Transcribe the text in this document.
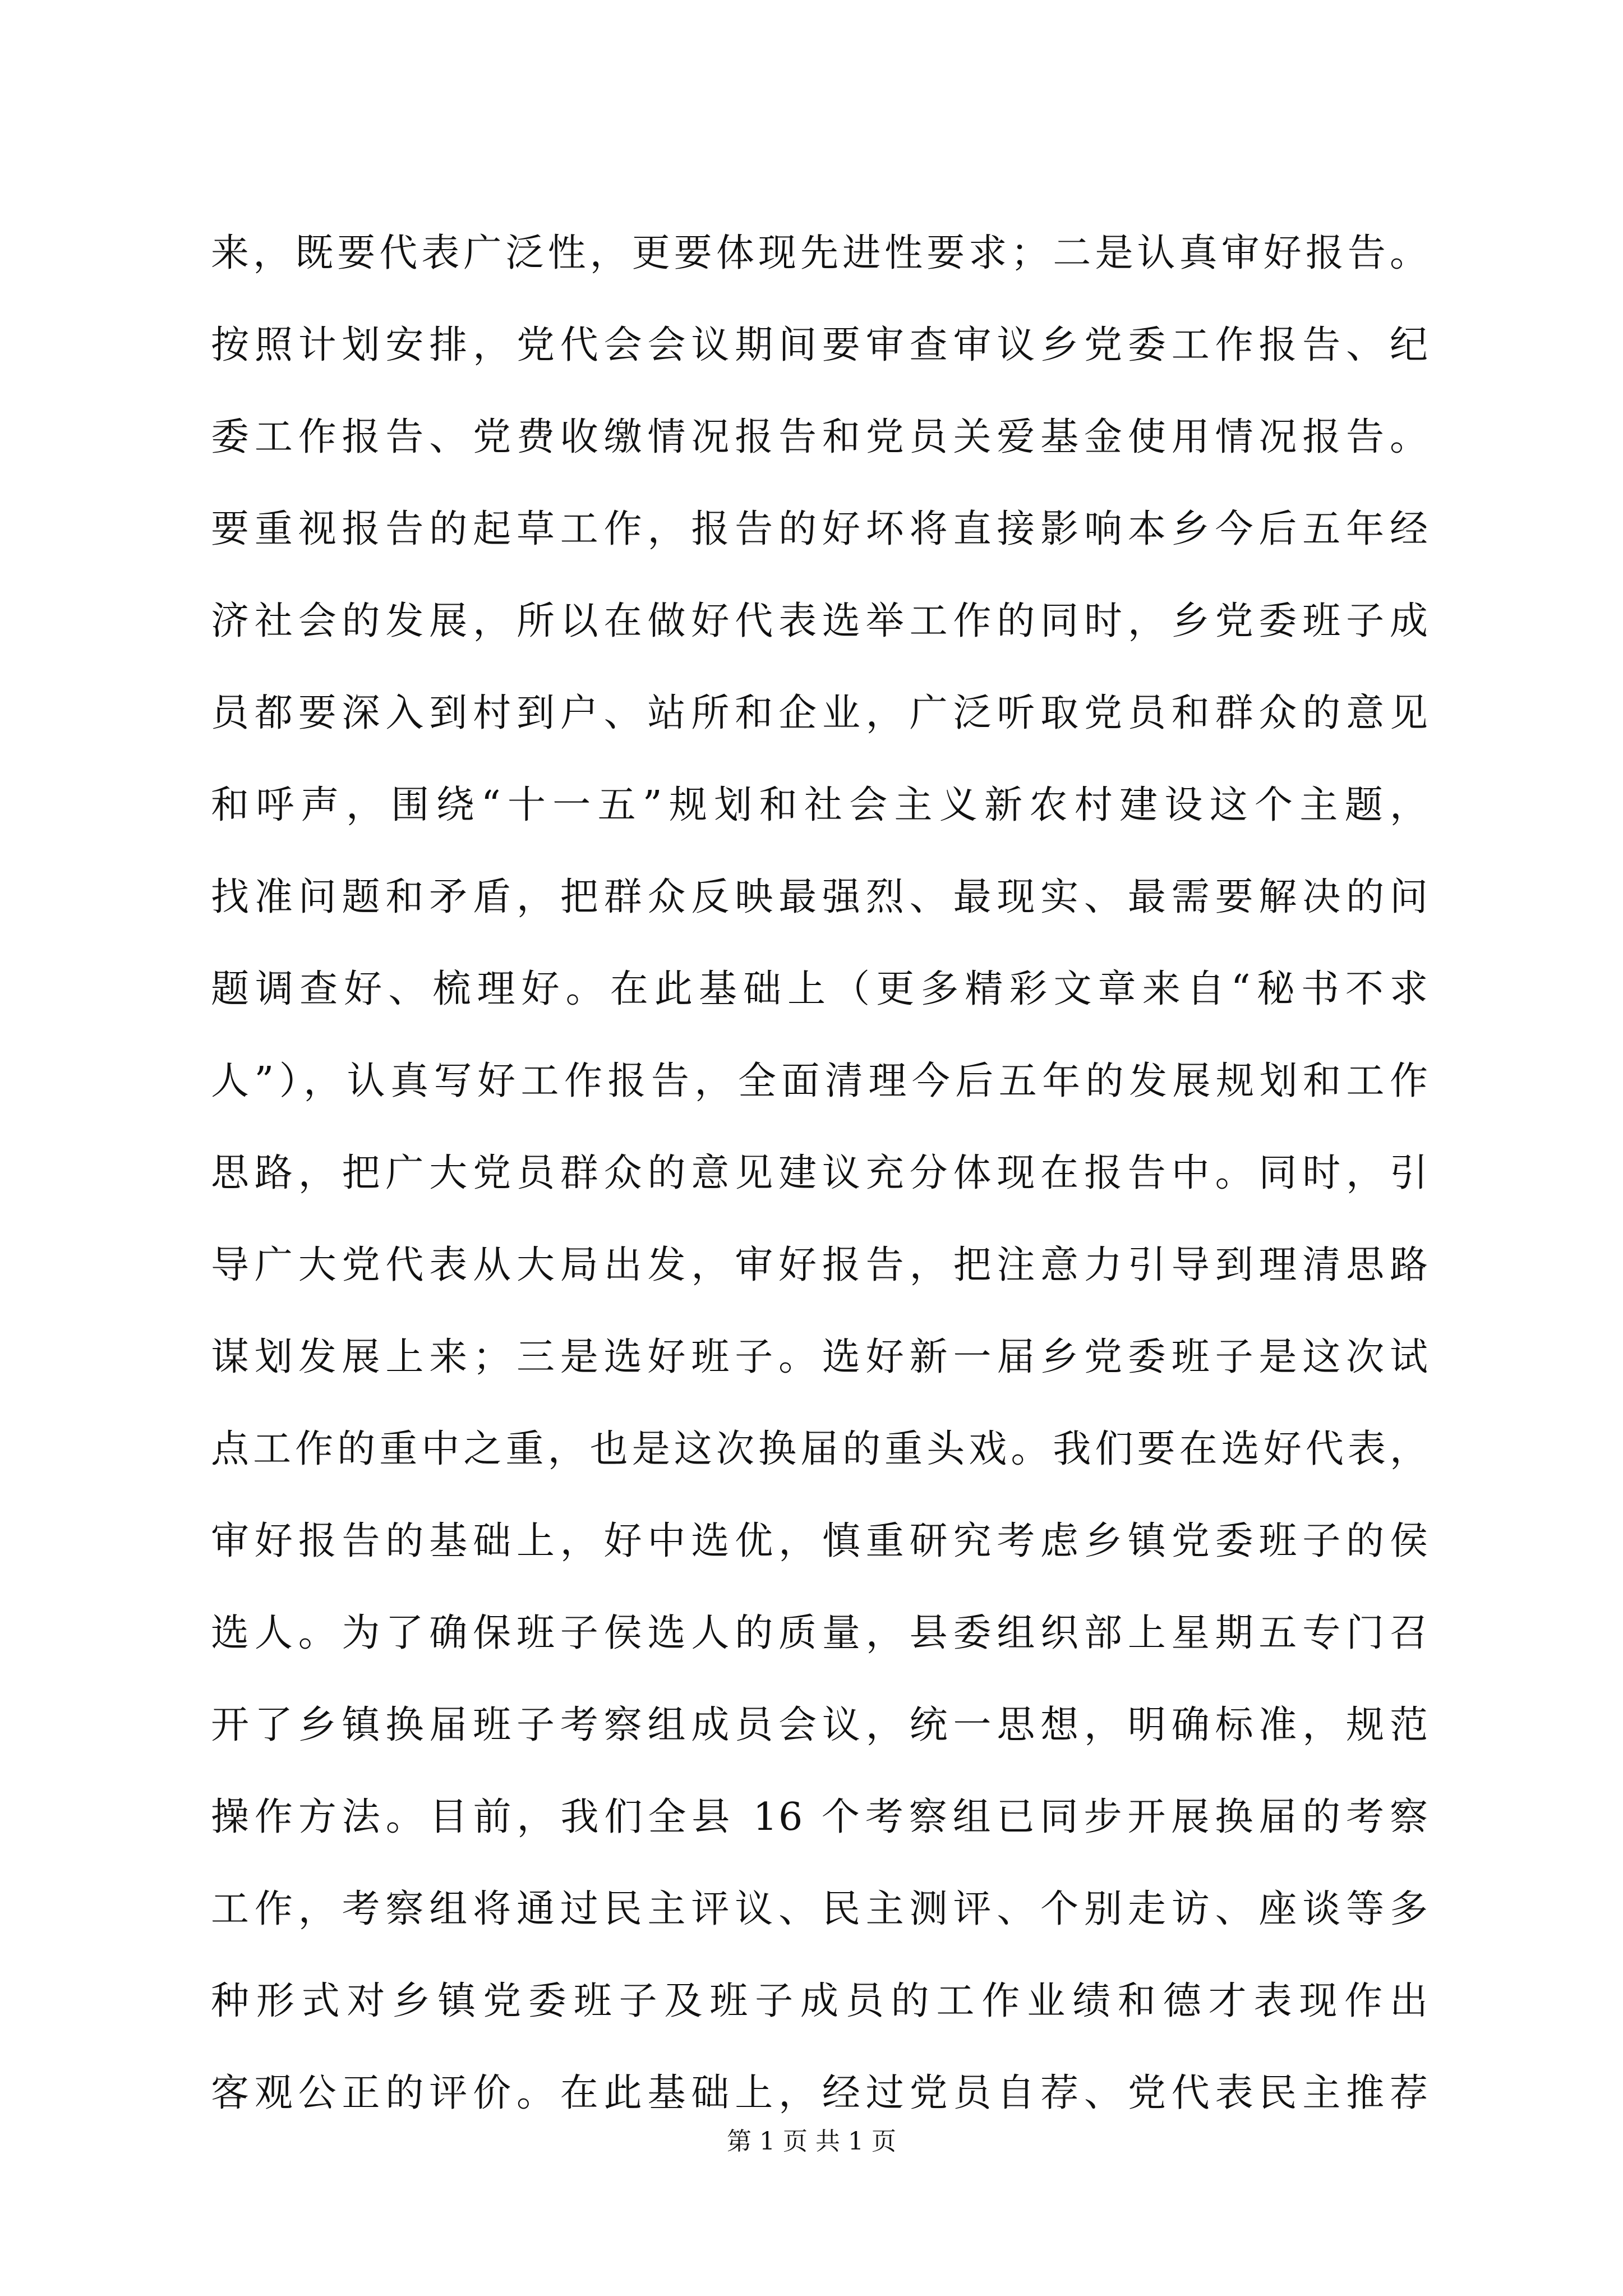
来，既要代表广泛性，更要体现先进性要求；二是认真审好报告。
按照计划安排，党代会会议期间要审查审议乡党委工作报告、纪
委工作报告、党费收缴情况报告和党员关爱基金使用情况报告。
要重视报告的起草工作，报告的好坏将直接影响本乡今后五年经
济社会的发展，所以在做好代表选举工作的同时，乡党委班子成
员都要深入到村到户、站所和企业，广泛听取党员和群众的意见
和呼声，围绕“十一五”规划和社会主义新农村建设这个主题，
找准问题和矛盾，把群众反映最强烈、最现实、最需要解决的问
题调查好、梳理好。在此基础上（更多精彩文章来自“秘书不求
人”），认真写好工作报告，全面清理今后五年的发展规划和工作
思路，把广大党员群众的意见建议充分体现在报告中。同时，引
导广大党代表从大局出发，审好报告，把注意力引导到理清思路
谋划发展上来；三是选好班子。选好新一届乡党委班子是这次试
点工作的重中之重，也是这次换届的重头戏。我们要在选好代表，
审好报告的基础上，好中选优，慎重研究考虑乡镇党委班子的侯
选人。为了确保班子侯选人的质量，县委组织部上星期五专门召
开了乡镇换届班子考察组成员会议，统一思想，明确标准，规范
操作方法。目前，我们全县 16 个考察组已同步开展换届的考察
工作，考察组将通过民主评议、民主测评、个别走访、座谈等多
种形式对乡镇党委班子及班子成员的工作业绩和德才表现作出
客观公正的评价。在此基础上，经过党员自荐、党代表民主推荐
第 1 页 共 1 页
